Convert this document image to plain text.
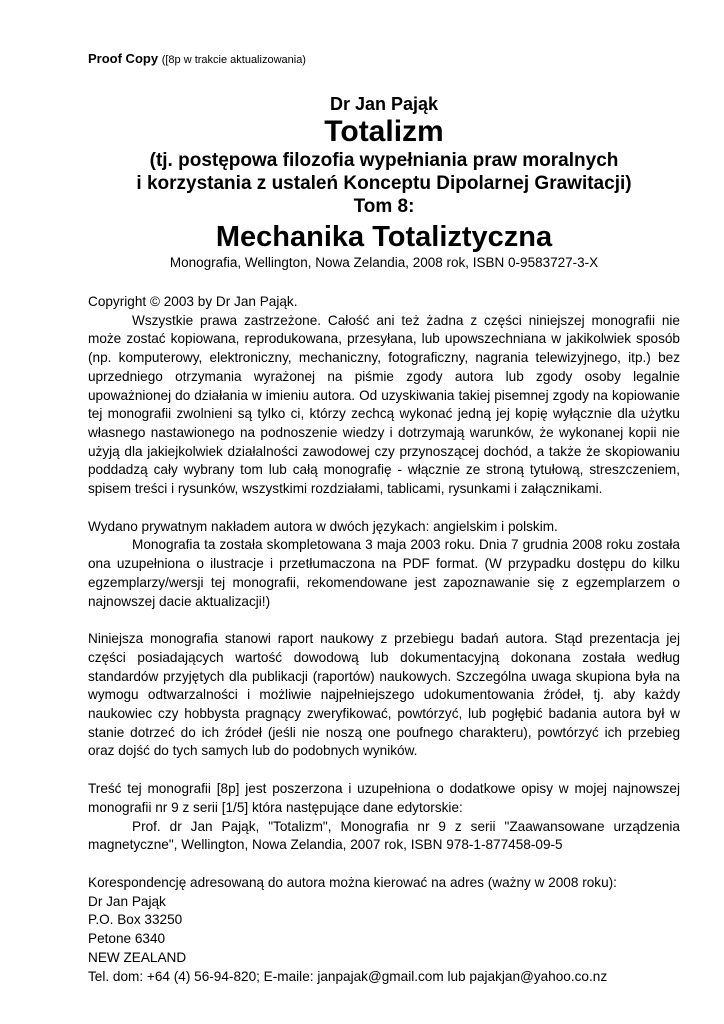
Proof Copy ([8p w trakcie aktualizowania)
Dr Jan Pająk
Totalizm
(tj. postępowa filozofia wypełniania praw moralnych
i korzystania z ustaleń Konceptu Dipolarnej Grawitacji)
Tom 8:
Mechanika Totaliztyczna
Monografia, Wellington, Nowa Zelandia, 2008 rok, ISBN 0-9583727-3-X
Copyright © 2003 by Dr Jan Pająk.
Wszystkie prawa zastrzeżone. Całość ani też żadna z części niniejszej monografii nie może zostać kopiowana, reprodukowana, przesyłana, lub upowszechniana w jakikolwiek sposób (np. komputerowy, elektroniczny, mechaniczny, fotograficzny, nagrania telewizyjnego, itp.) bez uprzedniego otrzymania wyrażonej na piśmie zgody autora lub zgody osoby legalnie upoważnionej do działania w imieniu autora. Od uzyskiwania takiej pisemnej zgody na kopiowanie tej monografii zwolnieni są tylko ci, którzy zechcą wykonać jedną jej kopię wyłącznie dla użytku własnego nastawionego na podnoszenie wiedzy i dotrzymają warunków, że wykonanej kopii nie użyją dla jakiejkolwiek działalności zawodowej czy przynoszącej dochód, a także że skopiowaniu poddadzą cały wybrany tom lub całą monografię - włącznie ze stroną tytułową, streszczeniem, spisem treści i rysunków, wszystkimi rozdziałami, tablicami, rysunkami i załącznikami.
Wydano prywatnym nakładem autora w dwóch językach: angielskim i polskim.
Monografia ta została skompletowana 3 maja 2003 roku. Dnia 7 grudnia 2008 roku została ona uzupełniona o ilustracje i przetłumaczona na PDF format. (W przypadku dostępu do kilku egzemplarzy/wersji tej monografii, rekomendowane jest zapoznawanie się z egzemplarzem o najnowszej dacie aktualizacji!)
Niniejsza monografia stanowi raport naukowy z przebiegu badań autora. Stąd prezentacja jej części posiadających wartość dowodową lub dokumentacyjną dokonana została według standardów przyjętych dla publikacji (raportów) naukowych. Szczególna uwaga skupiona była na wymogu odtwarzalności i możliwie najpełniejszego udokumentowania źródeł, tj. aby każdy naukowiec czy hobbysta pragnący zweryfikować, powtórzyć, lub pogłębić badania autora był w stanie dotrzeć do ich źródeł (jeśli nie noszą one poufnego charakteru), powtórzyć ich przebieg oraz dojść do tych samych lub do podobnych wyników.
Treść tej monografii [8p] jest poszerzona i uzupełniona o dodatkowe opisy w mojej najnowszej monografii nr 9 z serii [1/5] która następujące dane edytorskie:
Prof. dr Jan Pająk, "Totalizm", Monografia nr 9 z serii "Zaawansowane urządzenia magnetyczne", Wellington, Nowa Zelandia, 2007 rok, ISBN 978-1-877458-09-5
Korespondencję adresowaną do autora można kierować na adres (ważny w 2008 roku):
Dr Jan Pająk
P.O. Box 33250
Petone 6340
NEW ZEALAND
Tel. dom: +64 (4) 56-94-820; E-maile: janpajak@gmail.com lub pajakjan@yahoo.co.nz
